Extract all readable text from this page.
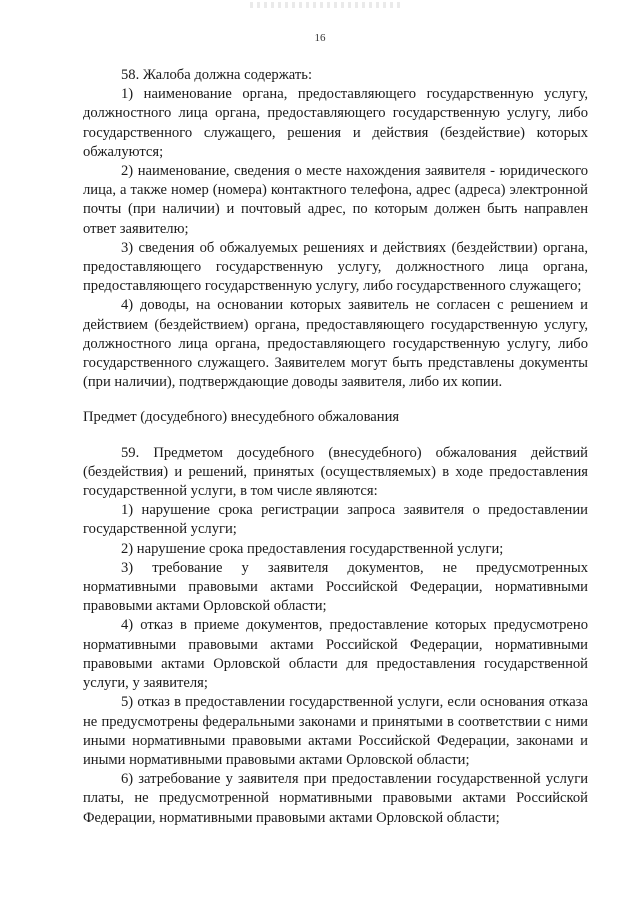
16

58. Жалоба должна содержать:

1) наименование органа, предоставляющего государственную услугу, должностного лица органа, предоставляющего государственную услугу, либо государственного служащего, решения и действия (бездействие) которых обжалуются;

2) наименование, сведения о месте нахождения заявителя - юридического лица, а также номер (номера) контактного телефона, адрес (адреса) электронной почты (при наличии) и почтовый адрес, по которым должен быть направлен ответ заявителю;

3) сведения об обжалуемых решениях и действиях (бездействии) органа, предоставляющего государственную услугу, должностного лица органа, предоставляющего государственную услугу, либо государственного служащего;

4) доводы, на основании которых заявитель не согласен с решением и действием (бездействием) органа, предоставляющего государственную услугу, должностного лица органа, предоставляющего государственную услугу, либо государственного служащего. Заявителем могут быть представлены документы (при наличии), подтверждающие доводы заявителя, либо их копии.

Предмет (досудебного) внесудебного обжалования

59. Предметом досудебного (внесудебного) обжалования действий (бездействия) и решений, принятых (осуществляемых) в ходе предоставления государственной услуги, в том числе являются:

1) нарушение срока регистрации запроса заявителя о предоставлении государственной услуги;

2) нарушение срока предоставления государственной услуги;

3) требование у заявителя документов, не предусмотренных нормативными правовыми актами Российской Федерации, нормативными правовыми актами Орловской области;

4) отказ в приеме документов, предоставление которых предусмотрено нормативными правовыми актами Российской Федерации, нормативными правовыми актами Орловской области для предоставления государственной услуги, у заявителя;

5) отказ в предоставлении государственной услуги, если основания отказа не предусмотрены федеральными законами и принятыми в соответствии с ними иными нормативными правовыми актами Российской Федерации, законами и иными нормативными правовыми актами Орловской области;

6) затребование у заявителя при предоставлении государственной услуги платы, не предусмотренной нормативными правовыми актами Российской Федерации, нормативными правовыми актами Орловской области;
